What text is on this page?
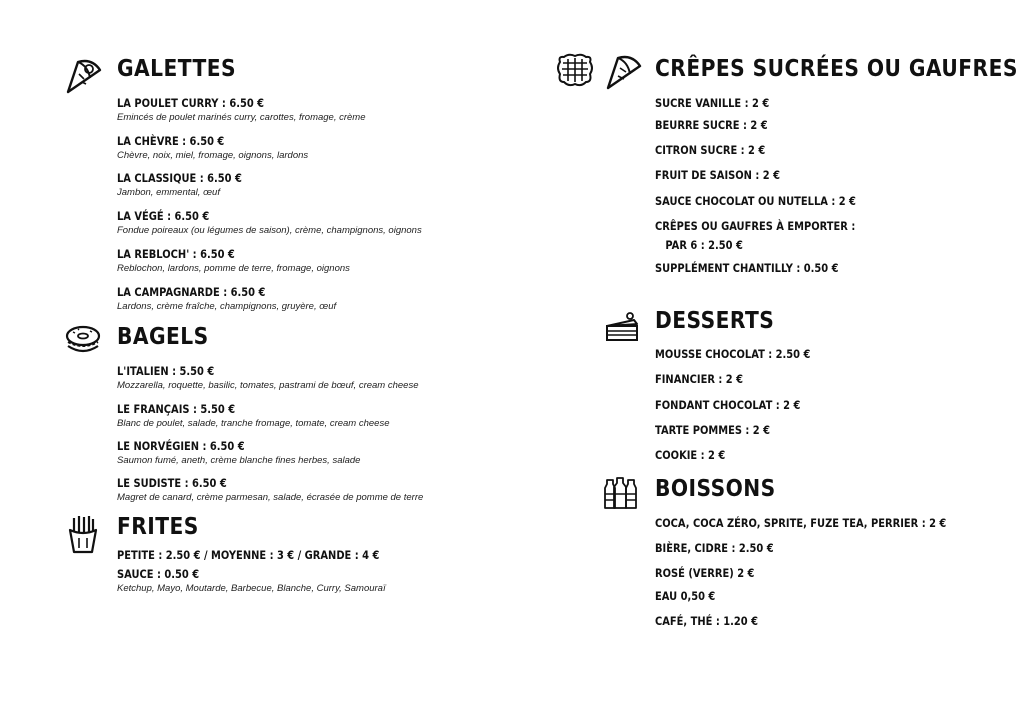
GALETTES
LA POULET CURRY : 6.50 €
Emincés de poulet marinés curry, carottes, fromage, crème
LA CHÈVRE : 6.50 €
Chèvre, noix, miel, fromage, oignons, lardons
LA CLASSIQUE : 6.50 €
Jambon, emmental, œuf
LA VÉGÉ : 6.50 €
Fondue poireaux (ou légumes de saison), crème, champignons, oignons
LA REBLOCH' : 6.50 €
Reblochon, lardons, pomme de terre, fromage, oignons
LA CAMPAGNARDE : 6.50 €
Lardons, crème fraîche, champignons, gruyère, œuf
BAGELS
L'ITALIEN : 5.50 €
Mozzarella, roquette, basilic, tomates, pastrami de bœuf, cream cheese
LE FRANÇAIS : 5.50 €
Blanc de poulet, salade, tranche fromage, tomate, cream cheese
LE NORVÉGIEN : 6.50 €
Saumon fumé, aneth, crème blanche fines herbes, salade
LE SUDISTE : 6.50 €
Magret de canard, crème parmesan, salade, écrasée de pomme de terre
FRITES
PETITE : 2.50 € / MOYENNE : 3 € / GRANDE : 4 €
SAUCE : 0.50 €
Ketchup, Mayo, Moutarde, Barbecue, Blanche, Curry, Samouraï
CRÊPES SUCRÉES OU GAUFRES
SUCRE VANILLE : 2 €
BEURRE SUCRE : 2 €
CITRON SUCRE : 2 €
FRUIT DE SAISON : 2 €
SAUCE CHOCOLAT OU NUTELLA : 2 €
CRÊPES OU GAUFRES À EMPORTER :
PAR 6 : 2.50 €
SUPPLÉMENT CHANTILLY : 0.50 €
DESSERTS
MOUSSE CHOCOLAT : 2.50 €
FINANCIER : 2 €
FONDANT CHOCOLAT : 2 €
TARTE POMMES : 2 €
COOKIE : 2 €
BOISSONS
COCA, COCA ZÉRO, SPRITE, FUZE TEA, PERRIER : 2 €
BIÈRE, CIDRE : 2.50 €
ROSÉ (VERRE) 2 €
EAU 0,50 €
CAFÉ, THÉ : 1.20 €
